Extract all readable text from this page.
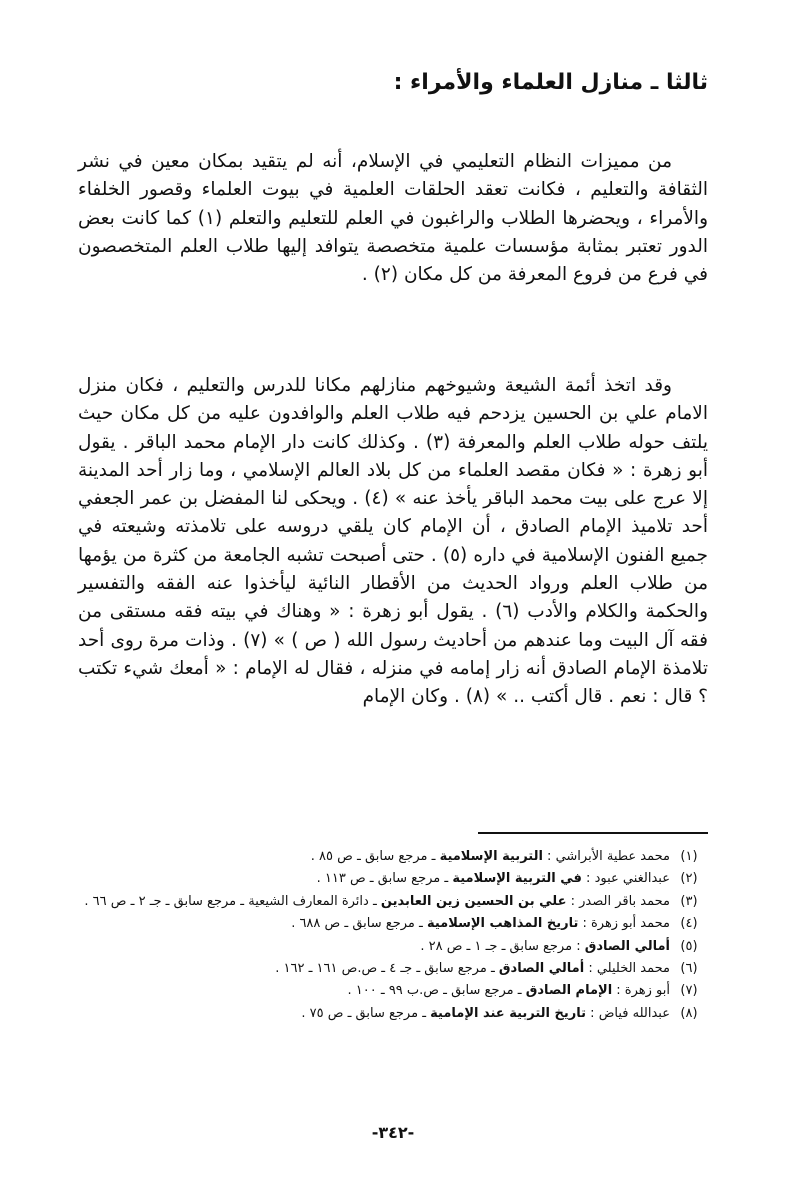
ثالثا ـ منازل العلماء والأمراء :

من مميزات النظام التعليمي في الإسلام، أنه لم يتقيد بمكان معين في نشر الثقافة والتعليم ، فكانت تعقد الحلقات العلمية في بيوت العلماء وقصور الخلفاء والأمراء ، ويحضرها الطلاب والراغبون في العلم للتعليم والتعلم (١) كما كانت بعض الدور تعتبر بمثابة مؤسسات علمية متخصصة يتوافد إليها طلاب العلم المتخصصون في فرع من فروع المعرفة من كل مكان (٢) .

وقد اتخذ أئمة الشيعة وشيوخهم منازلهم مكانا للدرس والتعليم ، فكان منزل الامام علي بن الحسين يزدحم فيه طلاب العلم والوافدون عليه من كل مكان حيث يلتف حوله طلاب العلم والمعرفة (٣) . وكذلك كانت دار الإمام محمد الباقر . يقول أبو زهرة : « فكان مقصد العلماء من كل بلاد العالم الإسلامي ، وما زار أحد المدينة إلا عرج على بيت محمد الباقر يأخذ عنه » (٤) . ويحكى لنا المفضل بن عمر الجعفي أحد تلاميذ الإمام الصادق ، أن الإمام كان يلقي دروسه على تلامذته وشيعته في جميع الفنون الإسلامية في داره (٥) . حتى أصبحت تشبه الجامعة من كثرة من يؤمها من طلاب العلم ورواد الحديث من الأقطار النائية ليأخذوا عنه الفقه والتفسير والحكمة والكلام والأدب (٦) . يقول أبو زهرة : « وهناك في بيته فقه مستقى من فقه آل البيت وما عندهم من أحاديث رسول الله ( ص ) » (٧) . وذات مرة روى أحد تلامذة الإمام الصادق أنه زار إمامه في منزله ، فقال له الإمام : « أمعك شيء تكتب ؟ قال : نعم . قال أكتب .. » (٨) . وكان الإمام

(١)
محمد عطية الأبراشي : التربية الإسلامية ـ مرجع سابق ـ ص ٨٥ .
(٢)
عبدالغني عبود : في التربية الإسلامية ـ مرجع سابق ـ ص ١١٣ .
(٣)
محمد باقر الصدر : علي بن الحسين زين العابدين ـ دائرة المعارف الشيعية ـ مرجع سابق ـ جـ ٢ ـ ص ٦٦ .
(٤)
محمد أبو زهرة : تاريخ المذاهب الإسلامية ـ مرجع سابق ـ ص ٦٨٨ .
(٥)
أمالي الصادق : مرجع سابق ـ جـ ١ ـ ص ٢٨ .
(٦)
محمد الخليلي : أمالي الصادق ـ مرجع سابق ـ جـ ٤ ـ ص.ص ١٦١ ـ ١٦٢ .
(٧)
أبو زهرة : الإمام الصادق ـ مرجع سابق ـ ص.ب ٩٩ ـ ١٠٠ .
(٨)
عبدالله فياض : تاريخ التربية عند الإمامية ـ مرجع سابق ـ ص ٧٥ .
-٣٤٢-
